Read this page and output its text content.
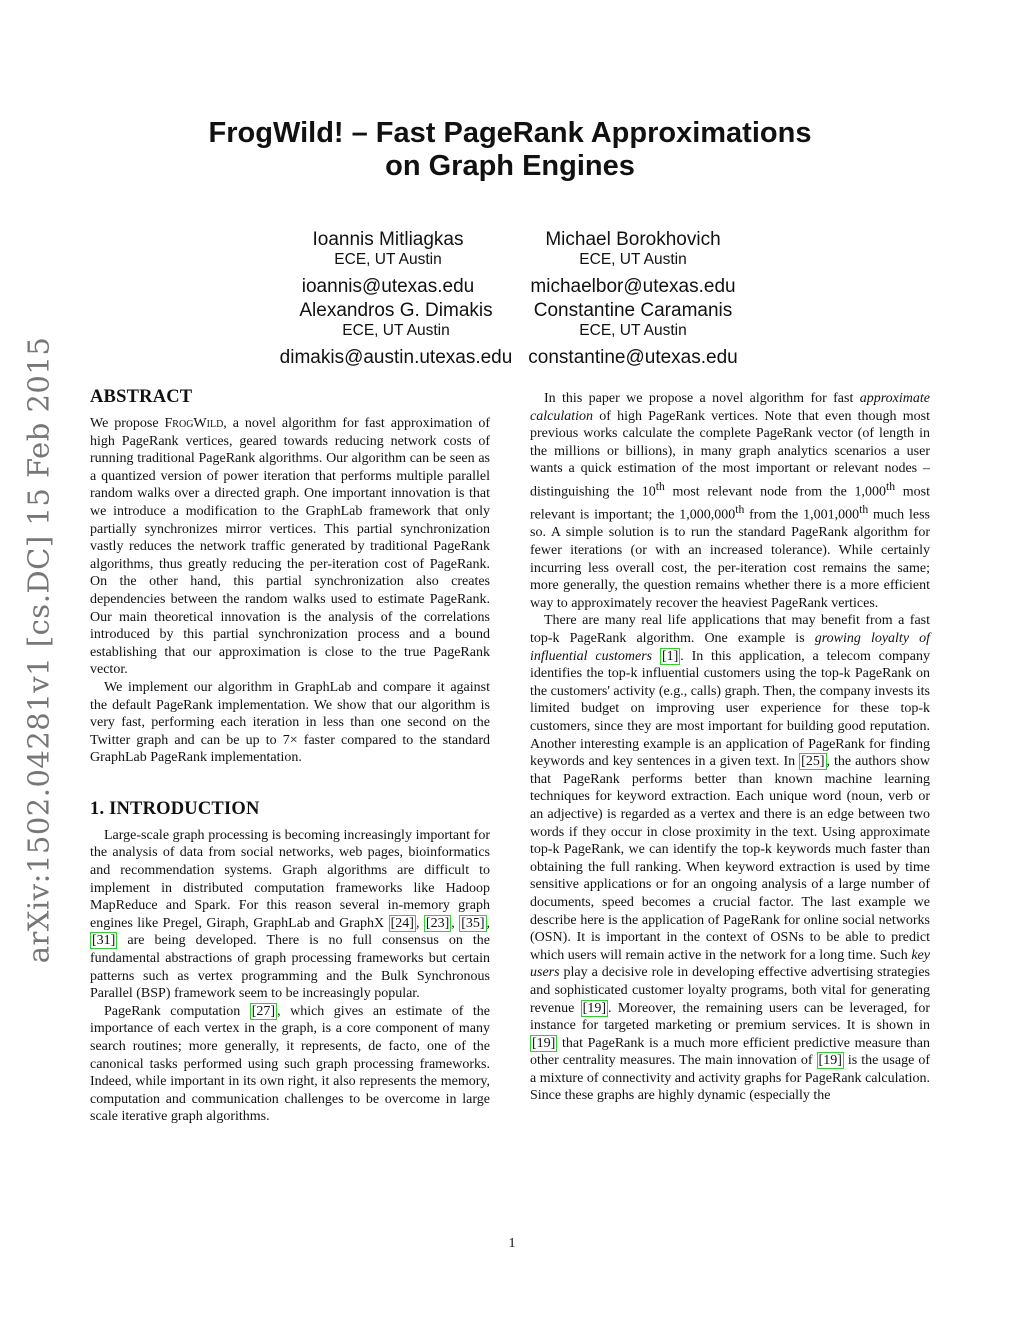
arXiv:1502.04281v1 [cs.DC] 15 Feb 2015
FrogWild! – Fast PageRank Approximations
on Graph Engines
Ioannis Mitliagkas
ECE, UT Austin
ioannis@utexas.edu
Michael Borokhovich
ECE, UT Austin
michaelbor@utexas.edu
Alexandros G. Dimakis
ECE, UT Austin
dimakis@austin.utexas.edu
Constantine Caramanis
ECE, UT Austin
constantine@utexas.edu
ABSTRACT

We propose FrogWild, a novel algorithm for fast approximation of high PageRank vertices, geared towards reducing network costs of running traditional PageRank algorithms. Our algorithm can be seen as a quantized version of power iteration that performs multiple parallel random walks over a directed graph. One important innovation is that we introduce a modification to the GraphLab framework that only partially synchronizes mirror vertices. This partial synchronization vastly reduces the network traffic generated by traditional PageRank algorithms, thus greatly reducing the per-iteration cost of PageRank. On the other hand, this partial synchronization also creates dependencies between the random walks used to estimate PageRank. Our main theoretical innovation is the analysis of the correlations introduced by this partial synchronization process and a bound establishing that our approximation is close to the true PageRank vector.

We implement our algorithm in GraphLab and compare it against the default PageRank implementation. We show that our algorithm is very fast, performing each iteration in less than one second on the Twitter graph and can be up to 7× faster compared to the standard GraphLab PageRank implementation.

1. INTRODUCTION

Large-scale graph processing is becoming increasingly important for the analysis of data from social networks, web pages, bioinformatics and recommendation systems. Graph algorithms are difficult to implement in distributed computation frameworks like Hadoop MapReduce and Spark. For this reason several in-memory graph engines like Pregel, Giraph, GraphLab and GraphX [24] , [23] , [35] , [31] are being developed. There is no full consensus on the fundamental abstractions of graph processing frameworks but certain patterns such as vertex programming and the Bulk Synchronous Parallel (BSP) framework seem to be increasingly popular.

PageRank computation [27] , which gives an estimate of the importance of each vertex in the graph, is a core component of many search routines; more generally, it represents, de facto, one of the canonical tasks performed using such graph processing frameworks. Indeed, while important in its own right, it also represents the memory, computation and communication challenges to be overcome in large scale iterative graph algorithms.

In this paper we propose a novel algorithm for fast approximate calculation of high PageRank vertices. Note that even though most previous works calculate the complete PageRank vector (of length in the millions or billions), in many graph analytics scenarios a user wants a quick estimation of the most important or relevant nodes – distinguishing the 10th most relevant node from the 1,000th most relevant is important; the 1,000,000th from the 1,001,000th much less so. A simple solution is to run the standard PageRank algorithm for fewer iterations (or with an increased tolerance). While certainly incurring less overall cost, the per-iteration cost remains the same; more generally, the question remains whether there is a more efficient way to approximately recover the heaviest PageRank vertices.

There are many real life applications that may benefit from a fast top-k PageRank algorithm. One example is growing loyalty of influential customers [1] . In this application, a telecom company identifies the top-k influential customers using the top-k PageRank on the customers' activity (e.g., calls) graph. Then, the company invests its limited budget on improving user experience for these top-k customers, since they are most important for building good reputation. Another interesting example is an application of PageRank for finding keywords and key sentences in a given text. In [25] , the authors show that PageRank performs better than known machine learning techniques for keyword extraction. Each unique word (noun, verb or an adjective) is regarded as a vertex and there is an edge between two words if they occur in close proximity in the text. Using approximate top-k PageRank, we can identify the top-k keywords much faster than obtaining the full ranking. When keyword extraction is used by time sensitive applications or for an ongoing analysis of a large number of documents, speed becomes a crucial factor. The last example we describe here is the application of PageRank for online social networks (OSN). It is important in the context of OSNs to be able to predict which users will remain active in the network for a long time. Such key users play a decisive role in developing effective advertising strategies and sophisticated customer loyalty programs, both vital for generating revenue [19] . Moreover, the remaining users can be leveraged, for instance for targeted marketing or premium services. It is shown in [19] that PageRank is a much more efficient predictive measure than other centrality measures. The main innovation of [19] is the usage of a mixture of connectivity and activity graphs for PageRank calculation. Since these graphs are highly dynamic (especially the

1
